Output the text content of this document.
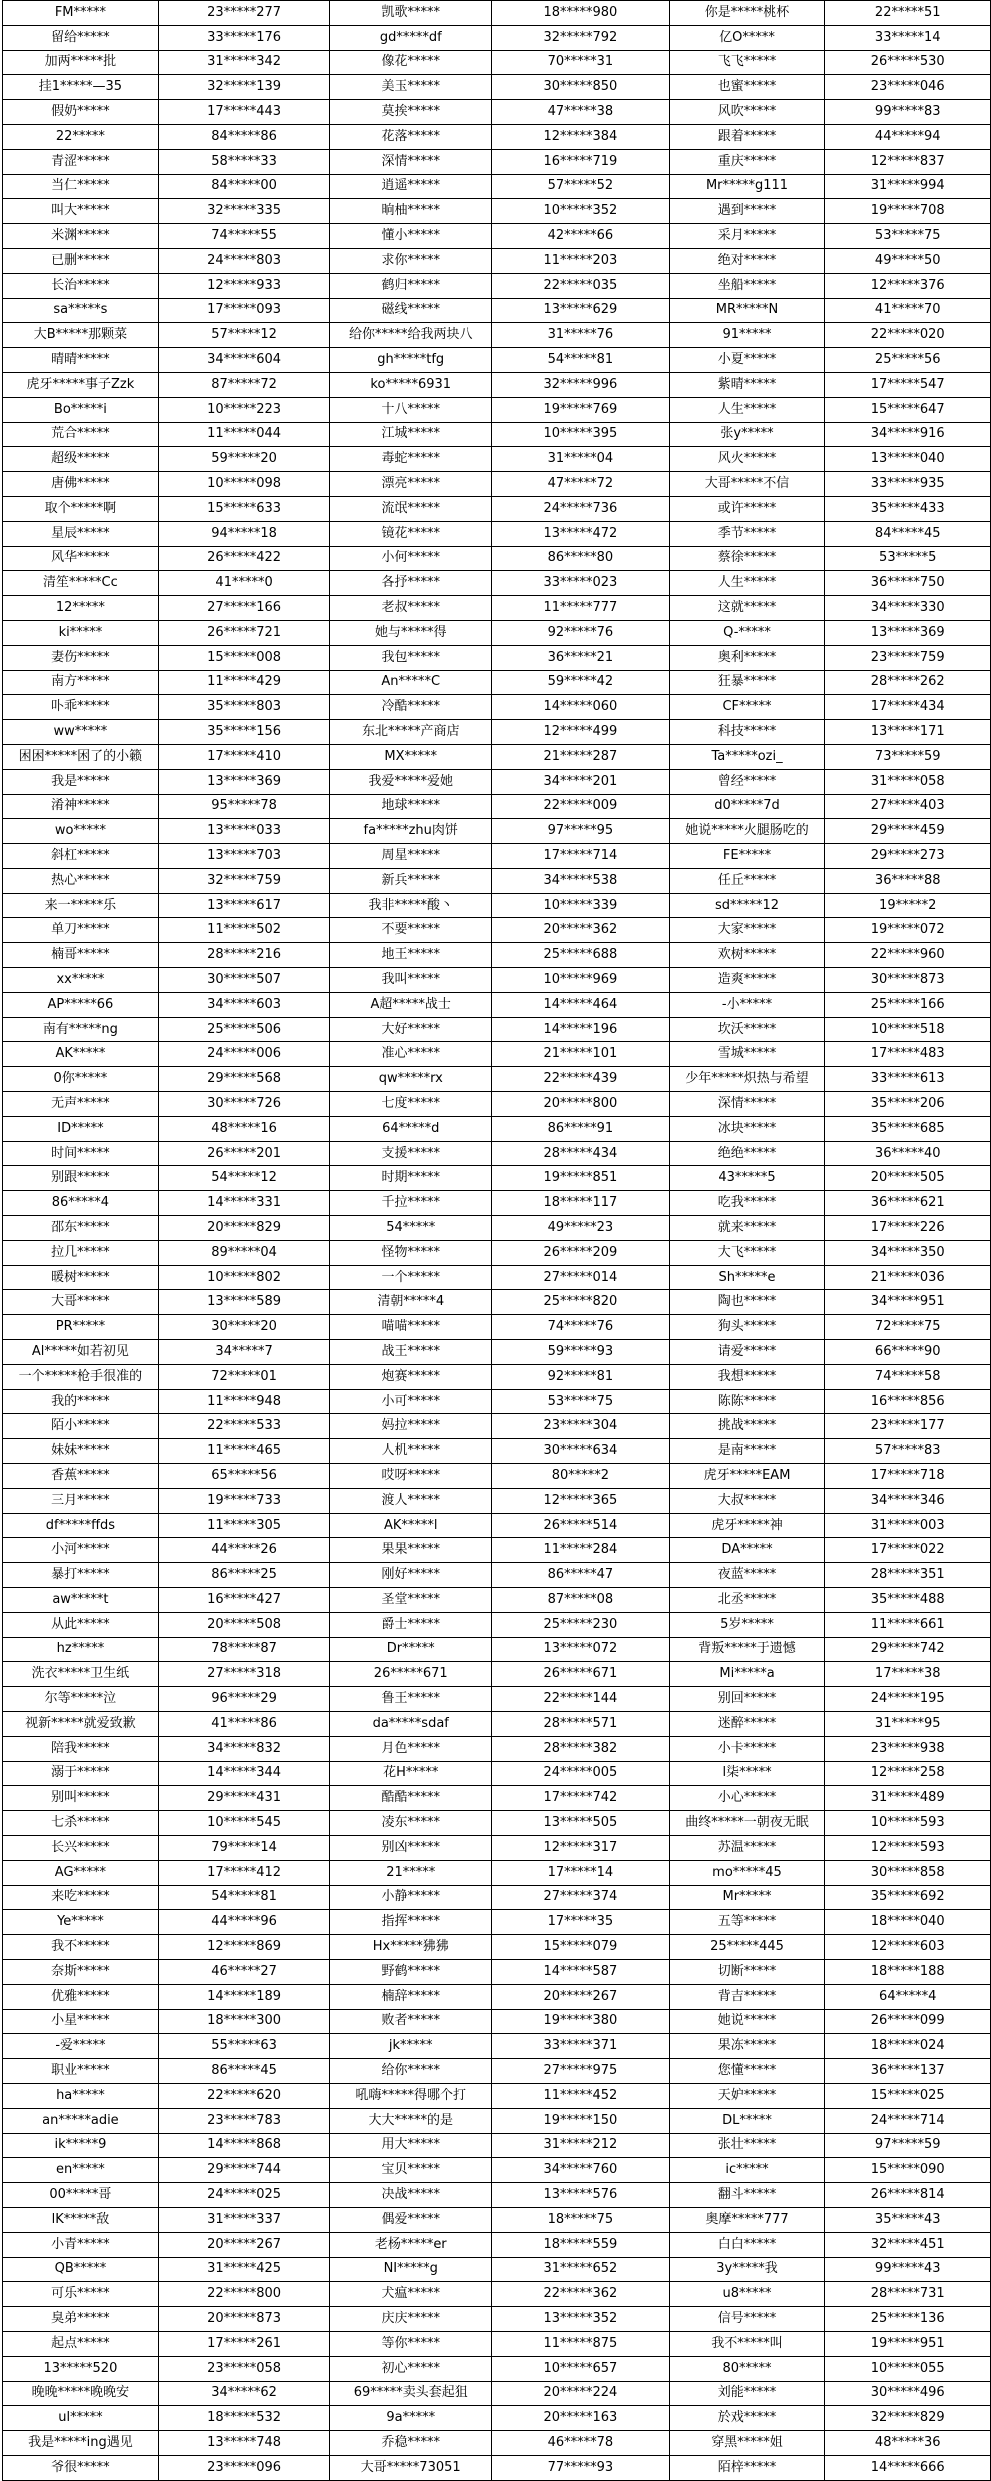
FM*****	23*****277	凯歌*****	18*****980	你是*****桃杯	22*****51
留给*****	33*****176	gd*****df	32*****792	亿O*****	33*****14
加两*****批	31*****342	像花*****	70*****31	飞飞*****	26*****530
挂1*****—35	32*****139	美玉*****	30*****850	也蜜*****	23*****046
假奶*****	17*****443	莫挨*****	47*****38	风吹*****	99*****83
22*****	84*****86	花落*****	12*****384	跟着*****	44*****94
青涩*****	58*****33	深情*****	16*****719	重庆*****	12*****837
当仁*****	84*****00	逍遥*****	57*****52	Mr*****g111	31*****994
叫大*****	32*****335	晌柚*****	10*****352	遇到*****	19*****708
米渊*****	74*****55	懂小*****	42*****66	采月*****	53*****75
已删*****	24*****803	求你*****	11*****203	绝对*****	49*****50
长治*****	12*****933	鹤归*****	22*****035	坐船*****	12*****376
sa*****s	17*****093	磁线*****	13*****629	MR*****N	41*****70
大B*****那颗菜	57*****12	给你*****给我两块八	31*****76	91*****	22*****020
晴晴*****	34*****604	gh*****tfg	54*****81	小夏*****	25*****56
虎牙*****事子Zzk	87*****72	ko*****6931	32*****996	紫晴*****	17*****547
Bo*****i	10*****223	十八*****	19*****769	人生*****	15*****647
荒合*****	11*****044	江城*****	10*****395	张y*****	34*****916
超级*****	59*****20	毒蛇*****	31*****04	风火*****	13*****040
唐佛*****	10*****098	漂亮*****	47*****72	大哥*****不信	33*****935
取个*****啊	15*****633	流氓*****	24*****736	或许*****	35*****433
星辰*****	94*****18	镜花*****	13*****472	季节*****	84*****45
风华*****	26*****422	小何*****	86*****80	蔡徐*****	53*****5
清笙*****Cc	41*****0	各抒*****	33*****023	人生*****	36*****750
12*****	27*****166	老叔*****	11*****777	这就*****	34*****330
ki*****	26*****721	她与*****得	92*****76	Q-*****	13*****369
妻伤*****	15*****008	我包*****	36*****21	奥利*****	23*****759
南方*****	11*****429	An*****C	59*****42	狂暴*****	28*****262
卟乖*****	35*****803	冷酷*****	14*****060	CF*****	17*****434
ww*****	35*****156	东北*****产商店	12*****499	科技*****	13*****171
困困*****困了的小籁	17*****410	MX*****	21*****287	Ta*****ozi_	73*****59
我是*****	13*****369	我爱*****爱她	34*****201	曾经*****	31*****058
淆神*****	95*****78	地球*****	22*****009	d0*****7d	27*****403
wo*****	13*****033	fa*****zhu肉饼	97*****95	她说*****火腿肠吃的	29*****459
斜杠*****	13*****703	周星*****	17*****714	FE*****	29*****273
热心*****	32*****759	新兵*****	34*****538	任丘*****	36*****88
来一*****乐	13*****617	我非*****酸丶	10*****339	sd*****12	19*****2
单刀*****	11*****502	不要*****	20*****362	大家*****	19*****072
楠哥*****	28*****216	地王*****	25*****688	欢树*****	22*****960
xx*****	30*****507	我叫*****	10*****969	造爽*****	30*****873
AP*****66	34*****603	A超*****战士	14*****464	-小*****	25*****166
南有*****ng	25*****506	大好*****	14*****196	坎沃*****	10*****518
AK*****	24*****006	准心*****	21*****101	雪城*****	17*****483
0你*****	29*****568	qw*****rx	22*****439	少年*****炽热与希望	33*****613
无声*****	30*****726	七度*****	20*****800	深情*****	35*****206
ID*****	48*****16	64*****d	86*****91	冰块*****	35*****685
时间*****	26*****201	支援*****	28*****434	绝绝*****	36*****40
别跟*****	54*****12	时期*****	19*****851	43*****5	20*****505
86*****4	14*****331	千拉*****	18*****117	吃我*****	36*****621
邵东*****	20*****829	54*****	49*****23	就来*****	17*****226
拉几*****	89*****04	怪物*****	26*****209	大飞*****	34*****350
暖树*****	10*****802	一个*****	27*****014	Sh*****e	21*****036
大哥*****	13*****589	清朝*****4	25*****820	陶也*****	34*****951
PR*****	30*****20	喵喵*****	74*****76	狗头*****	72*****75
Al*****如若初见	34*****7	战王*****	59*****93	请爱*****	66*****90
一个*****枪手很准的	72*****01	炮赛*****	92*****81	我想*****	74*****58
我的*****	11*****948	小可*****	53*****75	陈陈*****	16*****856
陌小*****	22*****533	妈拉*****	23*****304	挑战*****	23*****177
妹妹*****	11*****465	人机*****	30*****634	是南*****	57*****83
香蕉*****	65*****56	哎呀*****	80*****2	虎牙*****EAM	17*****718
三月*****	19*****733	渡人*****	12*****365	大叔*****	34*****346
df*****ffds	11*****305	AK*****l	26*****514	虎牙*****神	31*****003
小河*****	44*****26	果果*****	11*****284	DA*****	17*****022
暴打*****	86*****25	刚好*****	86*****47	夜蓝*****	28*****351
aw*****t	16*****427	圣堂*****	87*****08	北丞*****	35*****488
从此*****	20*****508	爵士*****	25*****230	5岁*****	11*****661
hz*****	78*****87	Dr*****	13*****072	背叛*****于遗憾	29*****742
洗衣*****卫生纸	27*****318	26*****671	26*****671	Mi*****a	17*****38
尔等*****泣	96*****29	鲁王*****	22*****144	别回*****	24*****195
视新*****就爱致歉	41*****86	da*****sdaf	28*****571	迷醉*****	31*****95
陪我*****	34*****832	月色*****	28*****382	小卡*****	23*****938
溺于*****	14*****344	花H*****	24*****005	l柒*****	12*****258
别叫*****	29*****431	酷酷*****	17*****742	小心*****	31*****489
七杀*****	10*****545	凌东*****	13*****505	曲终*****一朝夜无眠	10*****593
长兴*****	79*****14	别凶*****	12*****317	苏温*****	12*****593
AG*****	17*****412	21*****	17*****14	mo*****45	30*****858
来吃*****	54*****81	小静*****	27*****374	Mr*****	35*****692
Ye*****	44*****96	指挥*****	17*****35	五等*****	18*****040
我不*****	12*****869	Hx*****狒狒	15*****079	25*****445	12*****603
奈斯*****	46*****27	野鹤*****	14*****587	切断*****	18*****188
优雅*****	14*****189	楠辞*****	20*****267	背吉*****	64*****4
小星*****	18*****300	败者*****	19*****380	她说*****	26*****099
-爱*****	55*****63	jk*****	33*****371	果冻*****	18*****024
职业*****	86*****45	给你*****	27*****975	您懂*****	36*****137
ha*****	22*****620	吼嗨*****得哪个打	11*****452	天妒*****	15*****025
an*****adie	23*****783	大大*****的是	19*****150	DL*****	24*****714
ik*****9	14*****868	用大*****	31*****212	张壮*****	97*****59
en*****	29*****744	宝贝*****	34*****760	ic*****	15*****090
00*****哥	24*****025	决战*****	13*****576	翻斗*****	26*****814
lK*****敌	31*****337	偶爱*****	18*****75	奥摩*****777	35*****43
小青*****	20*****267	老杨*****er	18*****559	白白*****	32*****451
QB*****	31*****425	NI*****g	31*****652	3y*****我	99*****43
可乐*****	22*****800	犬瘟*****	22*****362	u8*****	28*****731
臭弟*****	20*****873	庆庆*****	13*****352	信号*****	25*****136
起点*****	17*****261	等你*****	11*****875	我不*****叫	19*****951
13*****520	23*****058	初心*****	10*****657	80*****	10*****055
晚晚*****晚晚安	34*****62	69*****卖头套起狙	20*****224	刘能*****	30*****496
ul*****	18*****532	9a*****	20*****163	於戏*****	32*****829
我是*****ing遇见	13*****748	乔稳*****	46*****78	穿黑*****姐	48*****36
爷很*****	23*****096	大哥*****73051	77*****93	陌梓*****	14*****666
